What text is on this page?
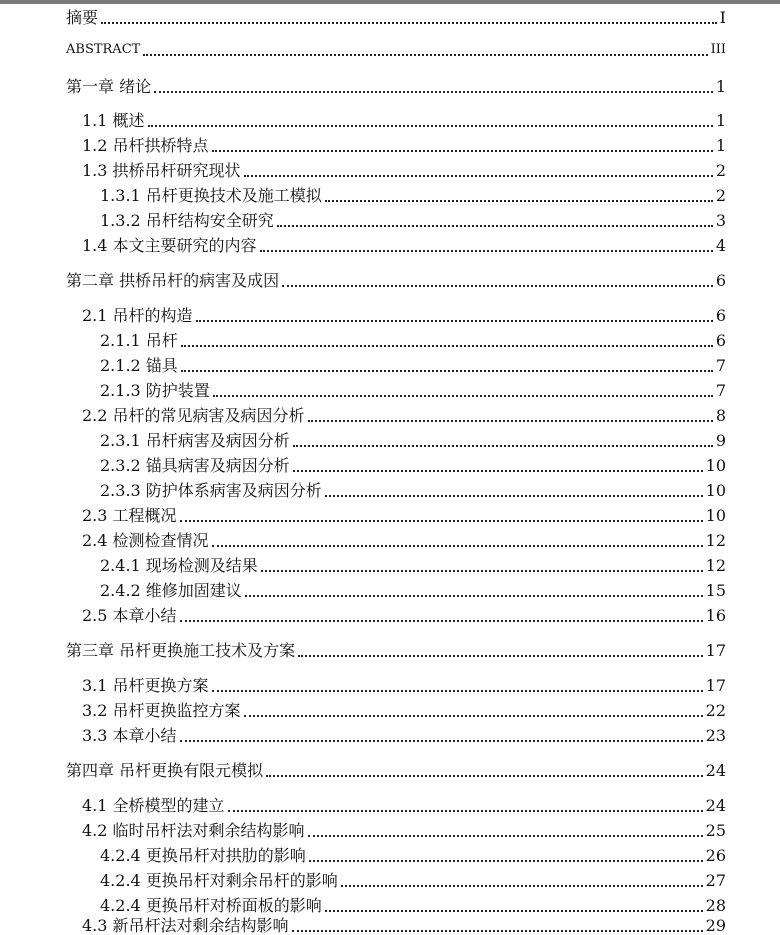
摘要	I
ABSTRACT	III
第一章 绪论	1
1.1 概述	1
1.2 吊杆拱桥特点	1
1.3 拱桥吊杆研究现状	2
1.3.1 吊杆更换技术及施工模拟	2
1.3.2 吊杆结构安全研究	3
1.4 本文主要研究的内容	4
第二章 拱桥吊杆的病害及成因	6
2.1 吊杆的构造	6
2.1.1 吊杆	6
2.1.2 锚具	7
2.1.3 防护装置	7
2.2 吊杆的常见病害及病因分析	8
2.3.1 吊杆病害及病因分析	9
2.3.2 锚具病害及病因分析	10
2.3.3 防护体系病害及病因分析	10
2.3 工程概况	10
2.4 检测检查情况	12
2.4.1 现场检测及结果	12
2.4.2 维修加固建议	15
2.5 本章小结	16
第三章 吊杆更换施工技术及方案	17
3.1 吊杆更换方案	17
3.2 吊杆更换监控方案	22
3.3 本章小结	23
第四章 吊杆更换有限元模拟	24
4.1 全桥模型的建立	24
4.2 临时吊杆法对剩余结构影响	25
4.2.4 更换吊杆对拱肋的影响	26
4.2.4 更换吊杆对剩余吊杆的影响	27
4.2.4 更换吊杆对桥面板的影响	28
4.3 新吊杆法对剩余结构影响	29
